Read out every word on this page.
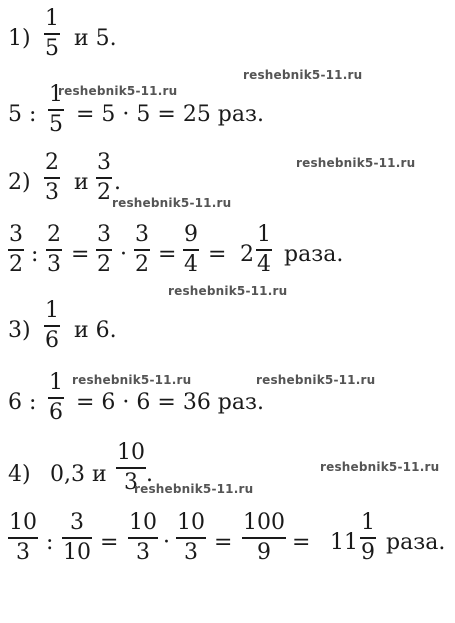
1)
1
5 и 5.
reshebnik5-11.ru
5 :
1
5 = 5 · 5 = 25 раз.
reshebnik5-11.ru
2)
2
3 и
3
2 .
reshebnik5-11.ru
reshebnik5-11.ru
3
2 :
2
3 =
3
2 ·
3
2 =
9
4 = 2
1
4 раза.
reshebnik5-11.ru
3)
1
6 и 6.
reshebnik5-11.ru	reshebnik5-11.ru
6 :
1
6 = 6 · 6 = 36 раз.
4) 0,3 и
10
3 .	reshebnik5-11.ru
reshebnik5-11.ru
10
3 :
3
10 =
10
3 ·
10
3 =
100
9 = 11
1
9 раза.
